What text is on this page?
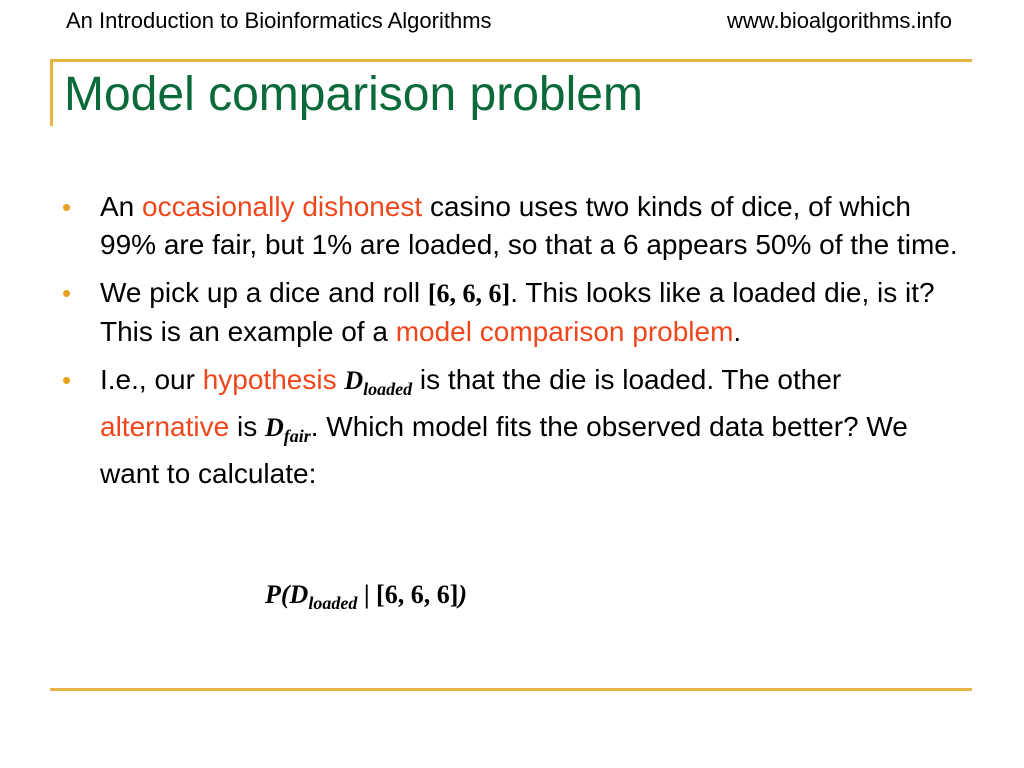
An Introduction to Bioinformatics Algorithms	www.bioalgorithms.info
Model comparison problem
• An occasionally dishonest casino uses two kinds of dice, of which 99% are fair, but 1% are loaded, so that a 6 appears 50% of the time.
• We pick up a dice and roll [6, 6, 6]. This looks like a loaded die, is it? This is an example of a model comparison problem.
• I.e., our hypothesis $D_{loaded}$ is that the die is loaded. The other alternative is $D_{fair}$. Which model fits the observed data better? We want to calculate:
P(Dloaded | [6, 6, 6])
